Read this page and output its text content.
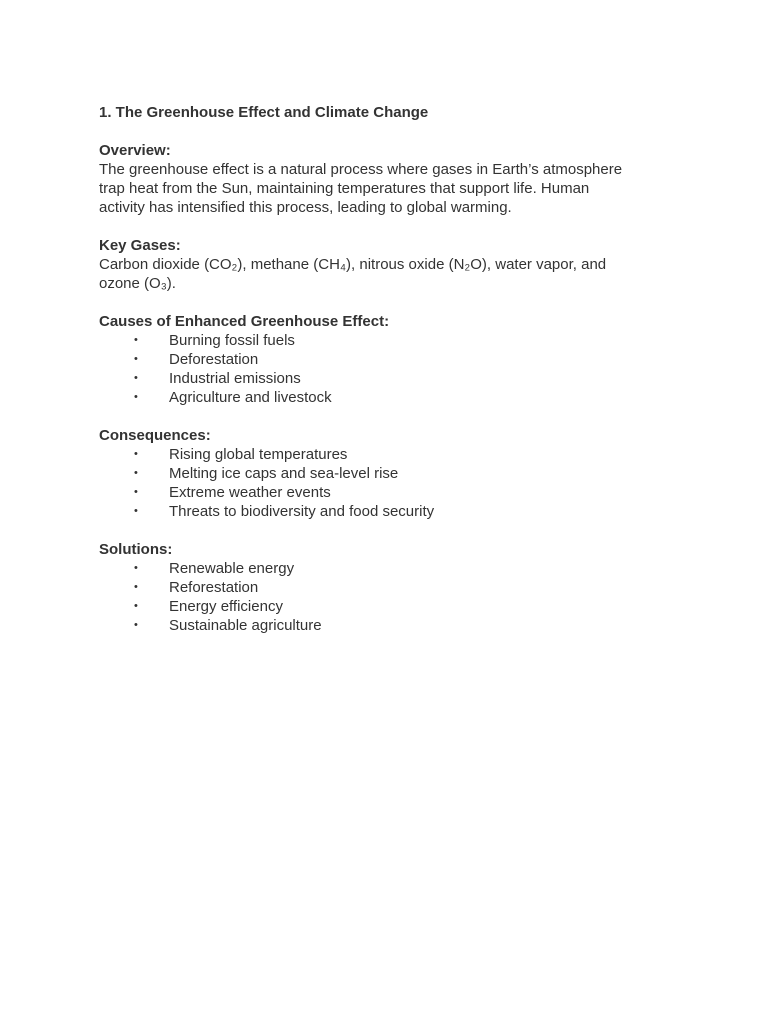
1. The Greenhouse Effect and Climate Change
Overview:
The greenhouse effect is a natural process where gases in Earth’s atmosphere
trap heat from the Sun, maintaining temperatures that support life. Human
activity has intensified this process, leading to global warming.
Key Gases:
Carbon dioxide (CO₂), methane (CH₄), nitrous oxide (N₂O), water vapor, and
ozone (O₃).
Causes of Enhanced Greenhouse Effect:
• Burning fossil fuels
• Deforestation
• Industrial emissions
• Agriculture and livestock
Consequences:
• Rising global temperatures
• Melting ice caps and sea-level rise
• Extreme weather events
• Threats to biodiversity and food security
Solutions:
• Renewable energy
• Reforestation
• Energy efficiency
• Sustainable agriculture
